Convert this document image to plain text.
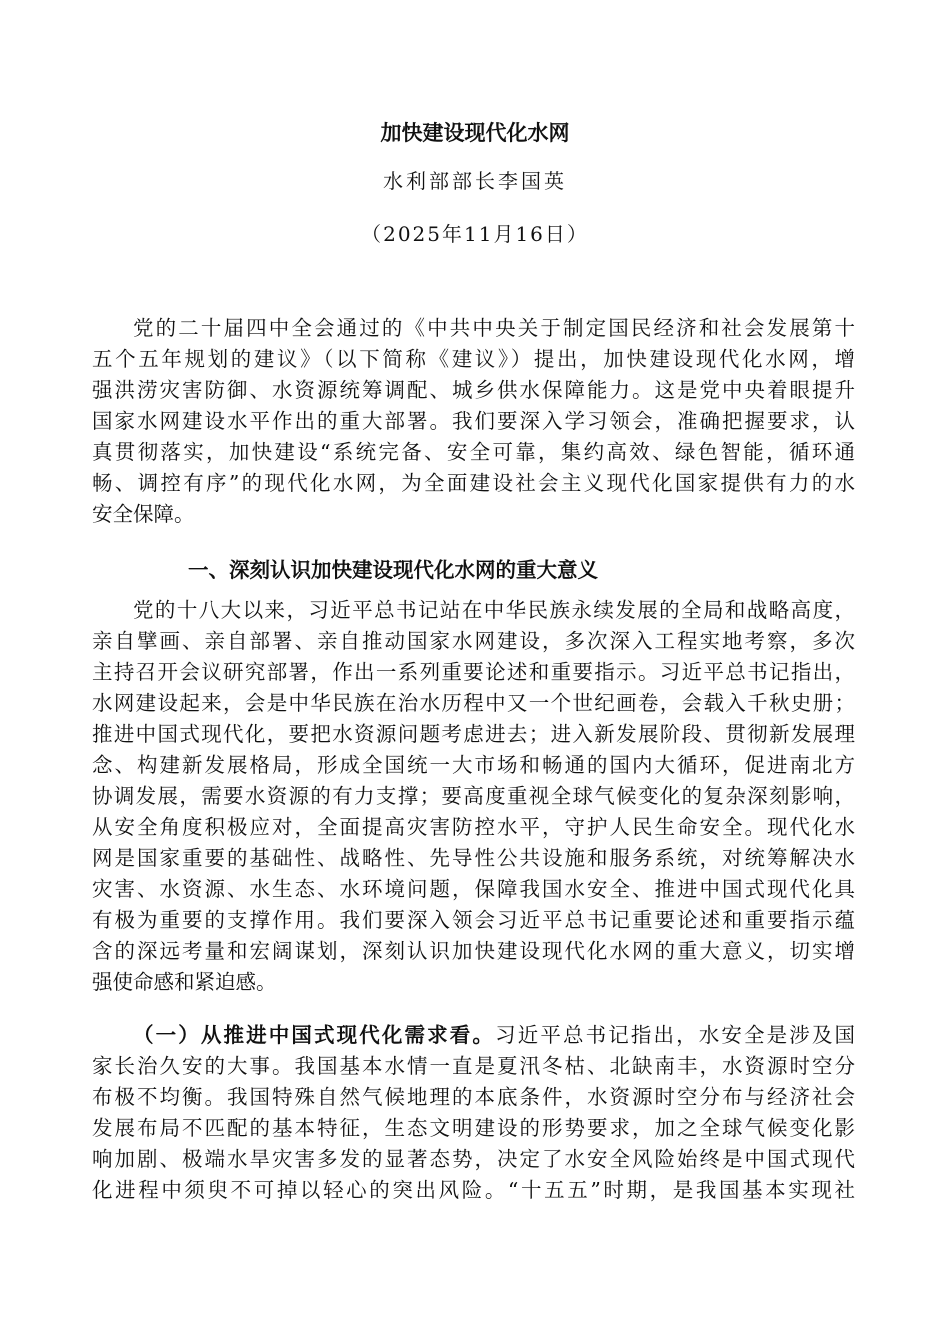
加快建设现代化水网
水利部部长李国英
（2025年11月16日）
党的二十届四中全会通过的《中共中央关于制定国民经济和社会发展第十
五个五年规划的建议》（以下简称《建议》）提出，加快建设现代化水网，增
强洪涝灾害防御、水资源统筹调配、城乡供水保障能力。这是党中央着眼提升
国家水网建设水平作出的重大部署。我们要深入学习领会，准确把握要求，认
真贯彻落实，加快建设“系统完备、安全可靠，集约高效、绿色智能，循环通
畅、调控有序”的现代化水网，为全面建设社会主义现代化国家提供有力的水
安全保障。
一、深刻认识加快建设现代化水网的重大意义
党的十八大以来，习近平总书记站在中华民族永续发展的全局和战略高度，
亲自擘画、亲自部署、亲自推动国家水网建设，多次深入工程实地考察，多次
主持召开会议研究部署，作出一系列重要论述和重要指示。习近平总书记指出，
水网建设起来，会是中华民族在治水历程中又一个世纪画卷，会载入千秋史册；
推进中国式现代化，要把水资源问题考虑进去；进入新发展阶段、贯彻新发展理
念、构建新发展格局，形成全国统一大市场和畅通的国内大循环，促进南北方
协调发展，需要水资源的有力支撑；要高度重视全球气候变化的复杂深刻影响，
从安全角度积极应对，全面提高灾害防控水平，守护人民生命安全。现代化水
网是国家重要的基础性、战略性、先导性公共设施和服务系统，对统筹解决水
灾害、水资源、水生态、水环境问题，保障我国水安全、推进中国式现代化具
有极为重要的支撑作用。我们要深入领会习近平总书记重要论述和重要指示蕴
含的深远考量和宏阔谋划，深刻认识加快建设现代化水网的重大意义，切实增
强使命感和紧迫感。
（一）从推进中国式现代化需求看。习近平总书记指出，水安全是涉及国
家长治久安的大事。我国基本水情一直是夏汛冬枯、北缺南丰，水资源时空分
布极不均衡。我国特殊自然气候地理的本底条件，水资源时空分布与经济社会
发展布局不匹配的基本特征，生态文明建设的形势要求，加之全球气候变化影
响加剧、极端水旱灾害多发的显著态势，决定了水安全风险始终是中国式现代
化进程中须臾不可掉以轻心的突出风险。“十五五”时期，是我国基本实现社
